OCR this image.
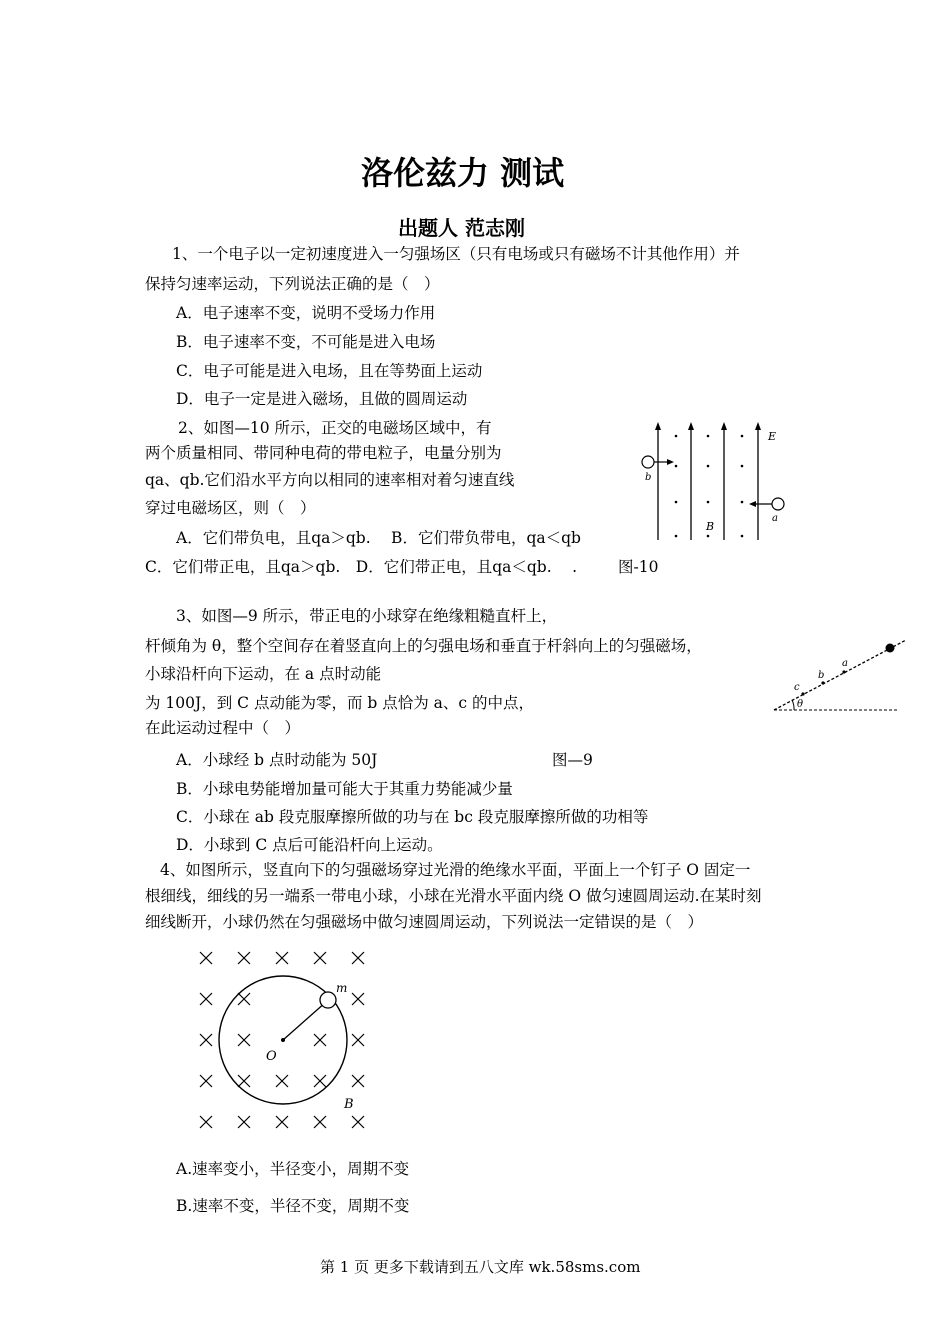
洛伦兹力 测试
出题人 范志刚
1、一个电子以一定初速度进入一匀强场区（只有电场或只有磁场不计其他作用）并
保持匀速率运动，下列说法正确的是（　）
A．电子速率不变，说明不受场力作用
B．电子速率不变，不可能是进入电场
C．电子可能是进入电场，且在等势面上运动
D．电子一定是进入磁场，且做的圆周运动
2、如图—10 所示，正交的电磁场区域中，有
两个质量相同、带同种电荷的带电粒子，电量分别为
qa、qb.它们沿水平方向以相同的速率相对着匀速直线
穿过电磁场区，则（　）
A．它们带负电，且qa＞qb.　 B．它们带负带电，qa＜qb
C．它们带正电，且qa＞qb.　D．它们带正电，且qa＜qb.　 .	图-10
b
a
B
E
3、如图—9 所示，带正电的小球穿在绝缘粗糙直杆上，
杆倾角为 θ，整个空间存在着竖直向上的匀强电场和垂直于杆斜向上的匀强磁场，
小球沿杆向下运动，在 a 点时动能
为 100J，到 C 点动能为零，而 b 点恰为 a、c 的中点，
在此运动过程中（　）
A．小球经 b 点时动能为 50J	图—9
B．小球电势能增加量可能大于其重力势能减少量
C．小球在 ab 段克服摩擦所做的功与在 bc 段克服摩擦所做的功相等
D．小球到 C 点后可能沿杆向上运动。
a
b
c
θ
4、如图所示，竖直向下的匀强磁场穿过光滑的绝缘水平面，平面上一个钉子 O 固定一
根细线，细线的另一端系一带电小球，小球在光滑水平面内绕 O 做匀速圆周运动.在某时刻
细线断开，小球仍然在匀强磁场中做匀速圆周运动，下列说法一定错误的是（　）
m
O
B
A.速率变小，半径变小，周期不变
B.速率不变，半径不变，周期不变
第 1 页 更多下载请到五八文库 wk.58sms.com
